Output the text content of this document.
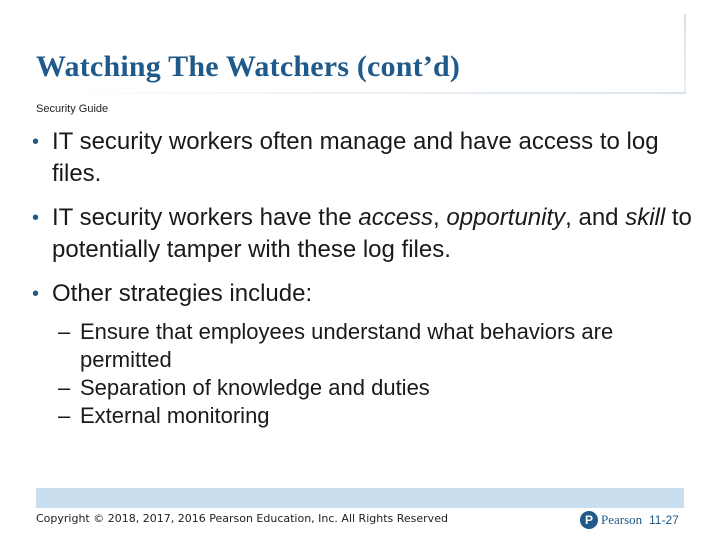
Watching The Watchers (cont’d)
Security Guide
• IT security workers often manage and have access to log files.
• IT security workers have the access, opportunity, and skill to potentially tamper with these log files.
• Other strategies include:
– Ensure that employees understand what behaviors are permitted
– Separation of knowledge and duties
– External monitoring
Copyright © 2018, 2017, 2016 Pearson Education, Inc. All Rights Reserved	P Pearson 11-27
